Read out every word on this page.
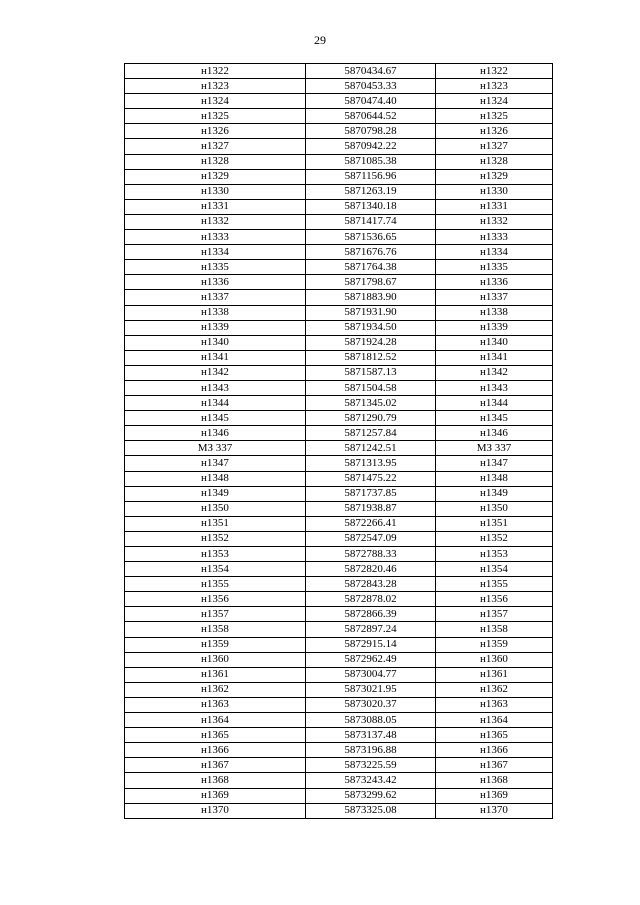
29
н1322	5870434.67	н1322
н1323	5870453.33	н1323
н1324	5870474.40	н1324
н1325	5870644.52	н1325
н1326	5870798.28	н1326
н1327	5870942.22	н1327
н1328	5871085.38	н1328
н1329	5871156.96	н1329
н1330	5871263.19	н1330
н1331	5871340.18	н1331
н1332	5871417.74	н1332
н1333	5871536.65	н1333
н1334	5871676.76	н1334
н1335	5871764.38	н1335
н1336	5871798.67	н1336
н1337	5871883.90	н1337
н1338	5871931.90	н1338
н1339	5871934.50	н1339
н1340	5871924.28	н1340
н1341	5871812.52	н1341
н1342	5871587.13	н1342
н1343	5871504.58	н1343
н1344	5871345.02	н1344
н1345	5871290.79	н1345
н1346	5871257.84	н1346
МЗ 337	5871242.51	МЗ 337
н1347	5871313.95	н1347
н1348	5871475.22	н1348
н1349	5871737.85	н1349
н1350	5871938.87	н1350
н1351	5872266.41	н1351
н1352	5872547.09	н1352
н1353	5872788.33	н1353
н1354	5872820.46	н1354
н1355	5872843.28	н1355
н1356	5872878.02	н1356
н1357	5872866.39	н1357
н1358	5872897.24	н1358
н1359	5872915.14	н1359
н1360	5872962.49	н1360
н1361	5873004.77	н1361
н1362	5873021.95	н1362
н1363	5873020.37	н1363
н1364	5873088.05	н1364
н1365	5873137.48	н1365
н1366	5873196.88	н1366
н1367	5873225.59	н1367
н1368	5873243.42	н1368
н1369	5873299.62	н1369
н1370	5873325.08	н1370
